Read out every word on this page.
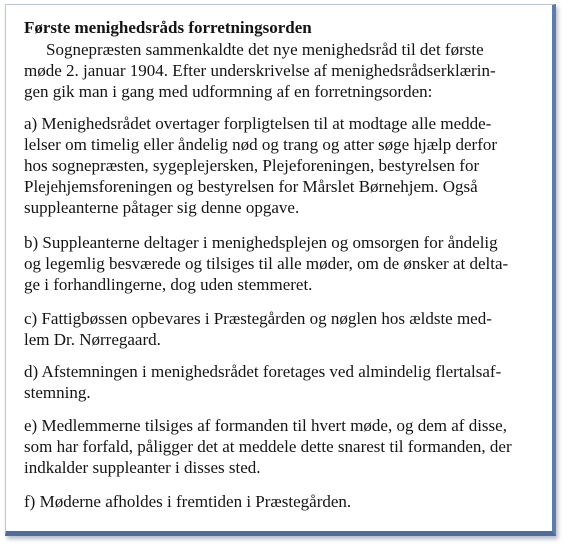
Første menighedsråds forretningsorden
Sognepræsten sammenkaldte det nye menighedsråd til det første
møde 2. januar 1904. Efter underskrivelse af menighedsrådserklærin-
gen gik man i gang med udformning af en forretningsorden:
a) Menighedsrådet overtager forpligtelsen til at modtage alle medde-
lelser om timelig eller åndelig nød og trang og atter søge hjælp derfor
hos sognepræsten, sygeplejersken, Plejeforeningen, bestyrelsen for
Plejehjemsforeningen og bestyrelsen for Mårslet Børnehjem. Også
suppleanterne påtager sig denne opgave.
b) Suppleanterne deltager i menighedsplejen og omsorgen for åndelig
og legemlig besværede og tilsiges til alle møder, om de ønsker at delta-
ge i forhandlingerne, dog uden stemmeret.
c) Fattigbøssen opbevares i Præstegården og nøglen hos ældste med-
lem Dr. Nørregaard.
d) Afstemningen i menighedsrådet foretages ved almindelig flertalsaf-
stemning.
e) Medlemmerne tilsiges af formanden til hvert møde, og dem af disse,
som har forfald, påligger det at meddele dette snarest til formanden, der
indkalder suppleanter i disses sted.
f) Møderne afholdes i fremtiden i Præstegården.
